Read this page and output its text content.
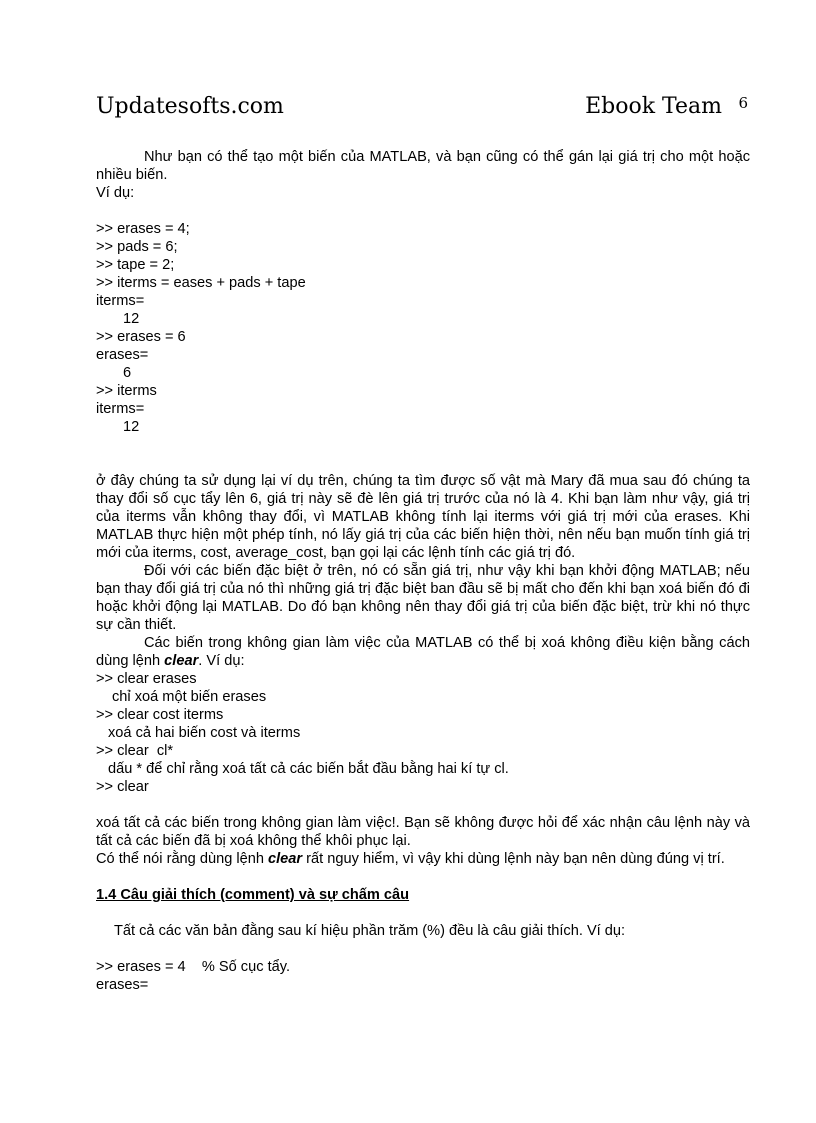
Updatesofts.com	Ebook Team 6

Như bạn có thể tạo một biến của MATLAB, và bạn cũng có thể gán lại giá trị cho một hoặc nhiều biến.

Ví dụ:

>> erases = 4;

>> pads = 6;

>> tape = 2;

>> iterms = eases + pads + tape

iterms=

12

>> erases = 6

erases=

6

>> iterms

iterms=

12

ở đây chúng ta sử dụng lại ví dụ trên, chúng ta tìm được số vật mà Mary đã mua sau đó chúng ta thay đổi số cục tẩy lên 6, giá trị này sẽ đè lên giá trị trước của nó là 4. Khi bạn làm như vậy, giá trị của iterms vẫn không thay đổi, vì MATLAB không tính lại iterms với giá trị mới của erases. Khi MATLAB thực hiện một phép tính, nó lấy giá trị của các biến hiện thời, nên nếu bạn muốn tính giá trị mới của iterms, cost, average_cost, bạn gọi lại các lệnh tính các giá trị đó.

Đối với các biến đặc biệt ở trên, nó có sẵn giá trị, như vậy khi bạn khởi động MATLAB; nếu bạn thay đổi giá trị của nó thì những giá trị đặc biệt ban đầu sẽ bị mất cho đến khi bạn xoá biến đó đi hoặc khởi động lại MATLAB. Do đó bạn không nên thay đổi giá trị của biến đặc biệt, trừ khi nó thực sự cần thiết.

Các biến trong không gian làm việc của MATLAB có thể bị xoá không điều kiện bằng cách dùng lệnh clear. Ví dụ:

>> clear erases

chỉ xoá một biến erases

>> clear cost iterms

xoá cả hai biến cost và iterms

>> clear  cl*

dấu * để chỉ rằng xoá tất cả các biến bắt đầu bằng hai kí tự cl.

>> clear

xoá tất cả các biến trong không gian làm việc!. Bạn sẽ không được hỏi để xác nhận câu lệnh này và tất cả các biến đã bị xoá không thể khôi phục lại.

Có thể nói rằng dùng lệnh clear rất nguy hiểm, vì vậy khi dùng lệnh này bạn nên dùng đúng vị trí.

1.4 Câu giải thích (comment) và sự chấm câu

Tất cả các văn bản đằng sau kí hiệu phần trăm (%) đều là câu giải thích. Ví dụ:

>> erases = 4    % Số cục tẩy.

erases=
